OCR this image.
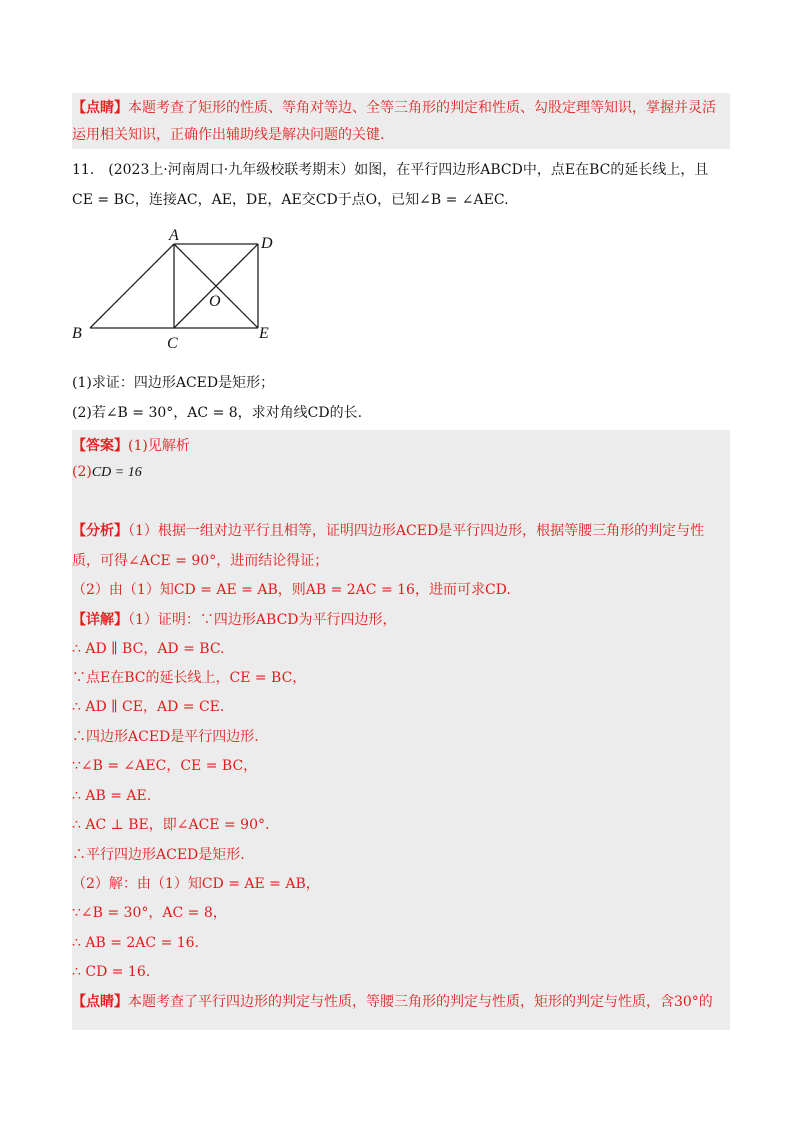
【点睛】本题考查了矩形的性质、等角对等边、全等三角形的判定和性质、勾股定理等知识，掌握并灵活
运用相关知识，正确作出辅助线是解决问题的关键.
11.　(2023上·河南周口·九年级校联考期末）如图，在平行四边形ABCD中，点E在BC的延长线上，且
CE = BC，连接AC，AE，DE，AE交CD于点O，已知∠B = ∠AEC.
A	D
O
B
C
E
(1)求证：四边形ACED是矩形；
(2)若∠B = 30°，AC = 8，求对角线CD的长.
【答案】(1)见解析
(2)CD = 16
【分析】（1）根据一组对边平行且相等，证明四边形ACED是平行四边形，根据等腰三角形的判定与性
质，可得∠ACE = 90°，进而结论得证；
（2）由（1）知CD = AE = AB，则AB = 2AC = 16，进而可求CD.
【详解】（1）证明：∵四边形ABCD为平行四边形，
∴ AD ∥ BC，AD = BC.
∵点E在BC的延长线上，CE = BC，
∴ AD ∥ CE，AD = CE.
∴四边形ACED是平行四边形.
∵∠B = ∠AEC，CE = BC，
∴ AB = AE.
∴ AC ⊥ BE，即∠ACE = 90°.
∴平行四边形ACED是矩形.
（2）解：由（1）知CD = AE = AB，
∵∠B = 30°，AC = 8，
∴ AB = 2AC = 16.
∴ CD = 16.
【点睛】本题考查了平行四边形的判定与性质，等腰三角形的判定与性质，矩形的判定与性质，含30°的
